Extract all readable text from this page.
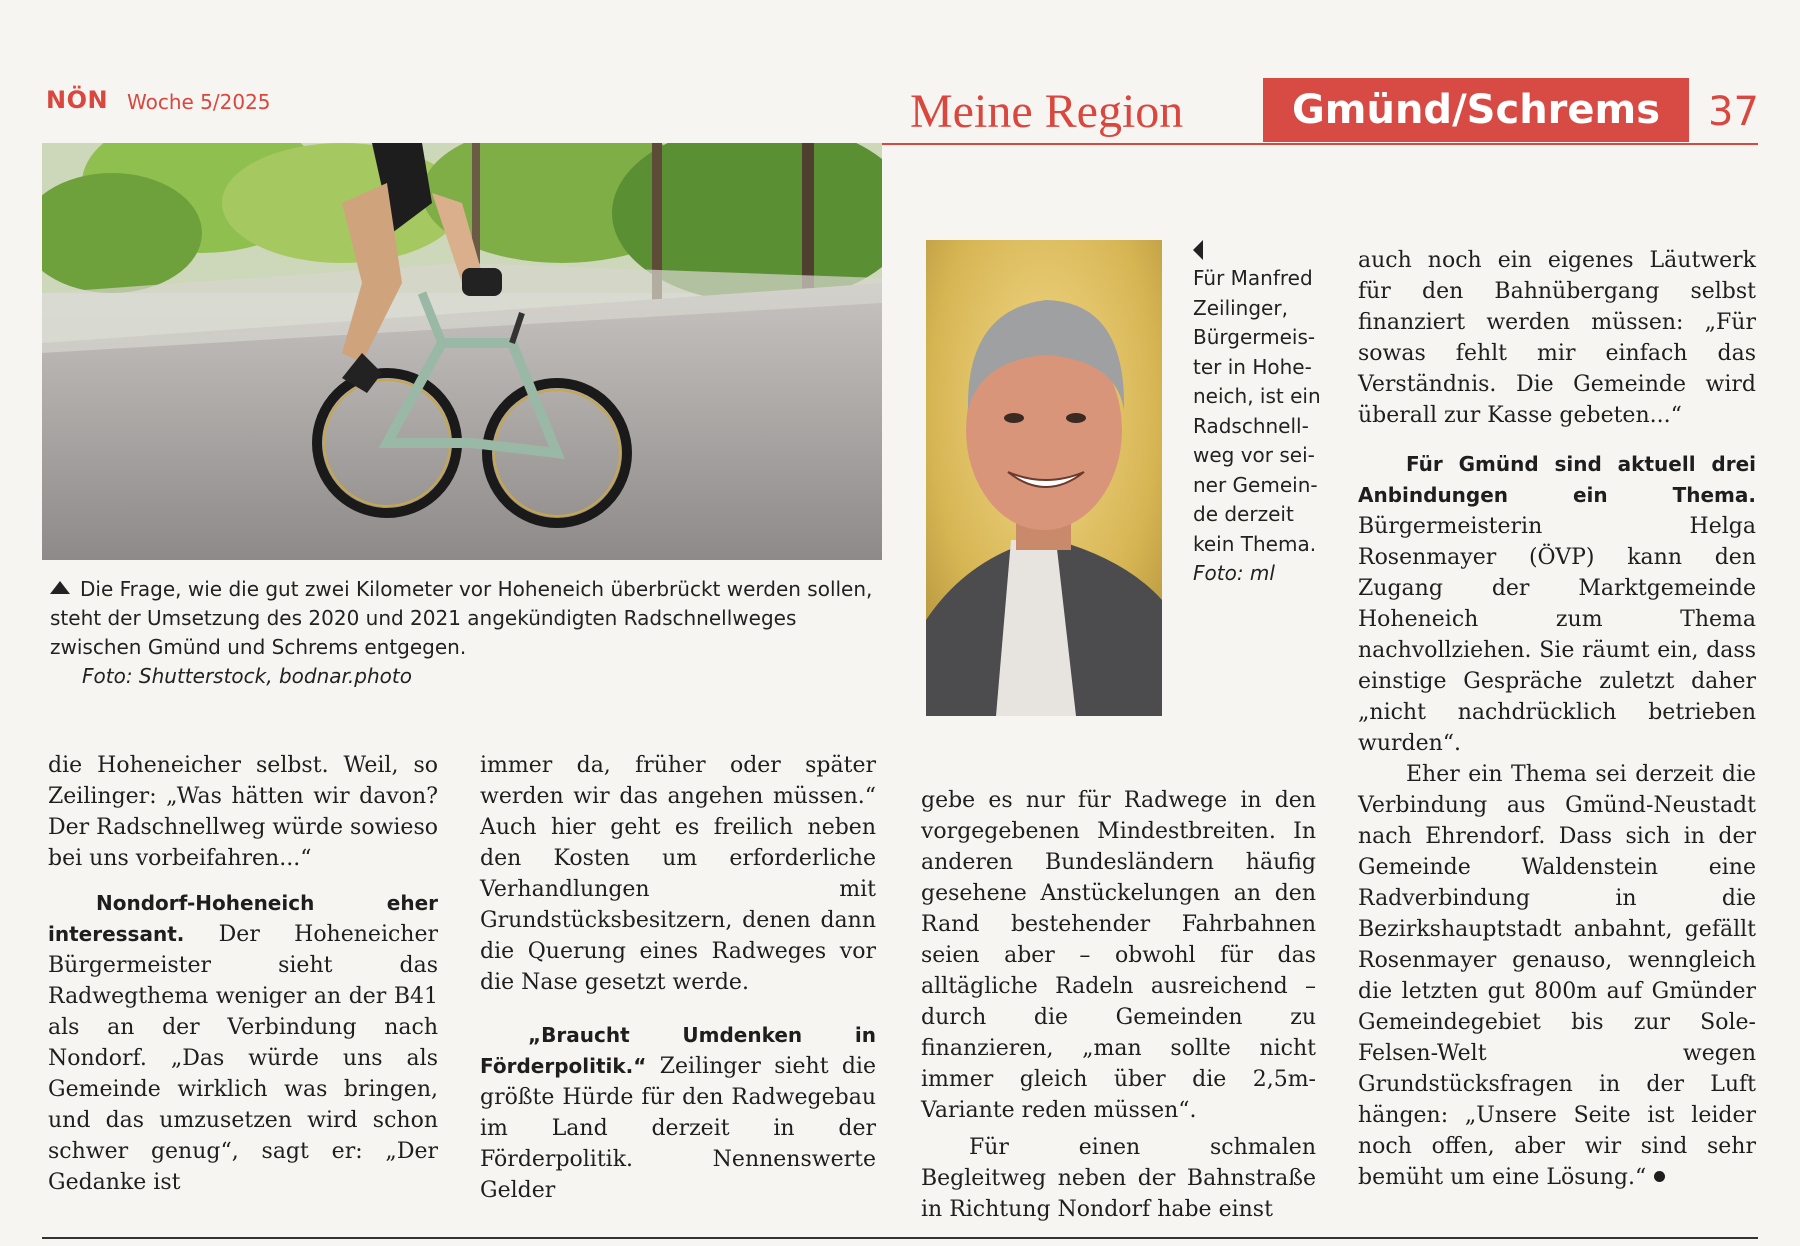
NÖN Woche 5/2025	Meine Region	Gmünd/Schrems	37
Die Frage, wie die gut zwei Kilometer vor Hoheneich überbrückt werden sollen, steht der Umsetzung des 2020 und 2021 angekündigten Radschnellweges zwischen Gmünd und Schrems entgegen.
Foto: Shutterstock, bodnar.photo
Für Manfred
Zeilinger,
Bürgermeis-
ter in Hohe-
neich, ist ein
Radschnell-
weg vor sei-
ner Gemein-
de derzeit
kein Thema.
Foto: ml

die Hoheneicher selbst. Weil, so Zeilinger: „Was hätten wir davon? Der Radschnellweg würde sowieso bei uns vorbeifahren...“

Nondorf-Hoheneich eher interessant. Der Hoheneicher Bürgermeister sieht das Radwegthema weniger an der B41 als an der Verbindung nach Nondorf. „Das würde uns als Gemeinde wirklich was bringen, und das umzusetzen wird schon schwer genug“, sagt er: „Der Gedanke ist

immer da, früher oder später werden wir das angehen müssen.“ Auch hier geht es freilich neben den Kosten um erforderliche Verhandlungen mit Grundstücksbesitzern, denen dann die Querung eines Radweges vor die Nase gesetzt werde.

„Braucht Umdenken in Förderpolitik.“ Zeilinger sieht die größte Hürde für den Radwegebau im Land derzeit in der Förderpolitik. Nennenswerte Gelder

gebe es nur für Radwege in den vorgegebenen Mindestbreiten. In anderen Bundesländern häufig gesehene Anstückelungen an den Rand bestehender Fahrbahnen seien aber – obwohl für das alltägliche Radeln ausreichend – durch die Gemeinden zu finanzieren, „man sollte nicht immer gleich über die 2,5m-Variante reden müssen“.

Für einen schmalen Begleitweg neben der Bahnstraße in Richtung Nondorf habe einst

auch noch ein eigenes Läutwerk für den Bahnübergang selbst finanziert werden müssen: „Für sowas fehlt mir einfach das Verständnis. Die Gemeinde wird überall zur Kasse gebeten...“

Für Gmünd sind aktuell drei Anbindungen ein Thema. Bürgermeisterin Helga Rosenmayer (ÖVP) kann den Zugang der Marktgemeinde Hoheneich zum Thema nachvollziehen. Sie räumt ein, dass einstige Gespräche zuletzt daher „nicht nachdrücklich betrieben wurden“.

Eher ein Thema sei derzeit die Verbindung aus Gmünd-Neustadt nach Ehrendorf. Dass sich in der Gemeinde Waldenstein eine Radverbindung in die Bezirkshauptstadt anbahnt, gefällt Rosenmayer genauso, wenngleich die letzten gut 800m auf Gmünder Gemeindegebiet bis zur Sole-Felsen-Welt wegen Grundstücksfragen in der Luft hängen: „Unsere Seite ist leider noch offen, aber wir sind sehr bemüht um eine Lösung.“
